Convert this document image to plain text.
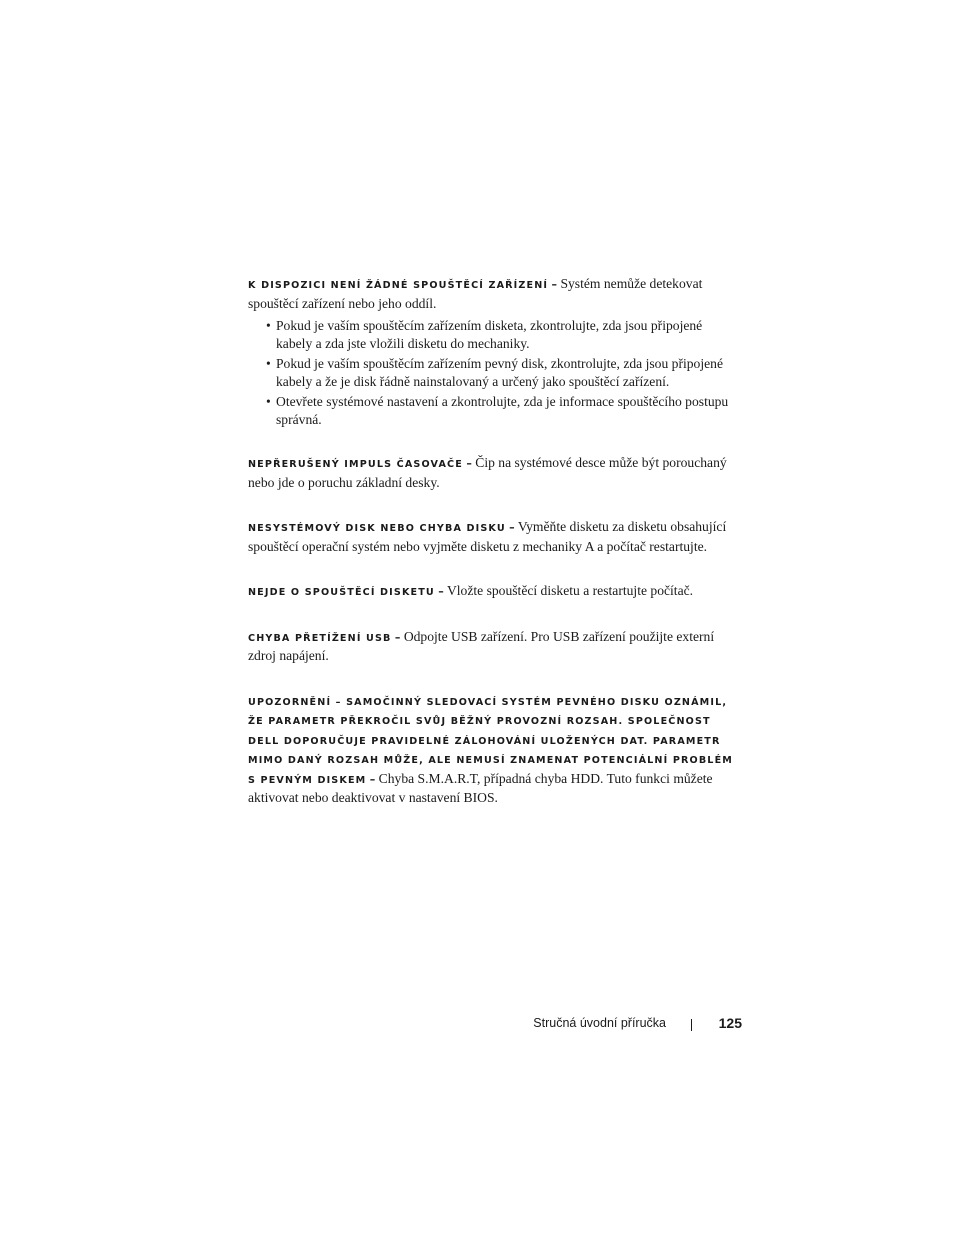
K DISPOZICI NENÍ ŽÁDNÉ SPOUŠTĚCÍ ZAŘÍZENÍ – Systém nemůže detekovat spouštěcí zařízení nebo jeho oddíl.

• Pokud je vaším spouštěcím zařízením disketa, zkontrolujte, zda jsou připojené kabely a zda jste vložili disketu do mechaniky.
• Pokud je vaším spouštěcím zařízením pevný disk, zkontrolujte, zda jsou připojené kabely a že je disk řádně nainstalovaný a určený jako spouštěcí zařízení.
• Otevřete systémové nastavení a zkontrolujte, zda je informace spouštěcího postupu správná.

NEPŘERUŠENÝ IMPULS ČASOVAČE – Čip na systémové desce může být porouchaný nebo jde o poruchu základní desky.

NESYSTÉMOVÝ DISK NEBO CHYBA DISKU – Vyměňte disketu za disketu obsahující spouštěcí operační systém nebo vyjměte disketu z mechaniky A a počítač restartujte.

NEJDE O SPOUŠTĚCÍ DISKETU – Vložte spouštěcí disketu a restartujte počítač.

CHYBA PŘETÍŽENÍ USB – Odpojte USB zařízení. Pro USB zařízení použijte externí zdroj napájení.

UPOZORNĚNÍ – SAMOČINNÝ SLEDOVACÍ SYSTÉM PEVNÉHO DISKU OZNÁMIL, ŽE PARAMETR PŘEKROČIL SVŮJ BĚŽNÝ PROVOZNÍ ROZSAH. SPOLEČNOST DELL DOPORUČUJE PRAVIDELNÉ ZÁLOHOVÁNÍ ULOŽENÝCH DAT. PARAMETR MIMO DANÝ ROZSAH MŮŽE, ALE NEMUSÍ ZNAMENAT POTENCIÁLNÍ PROBLÉM S PEVNÝM DISKEM – Chyba S.M.A.R.T, případná chyba HDD. Tuto funkci můžete aktivovat nebo deaktivovat v nastavení BIOS.

Stručná úvodní příručka	125
